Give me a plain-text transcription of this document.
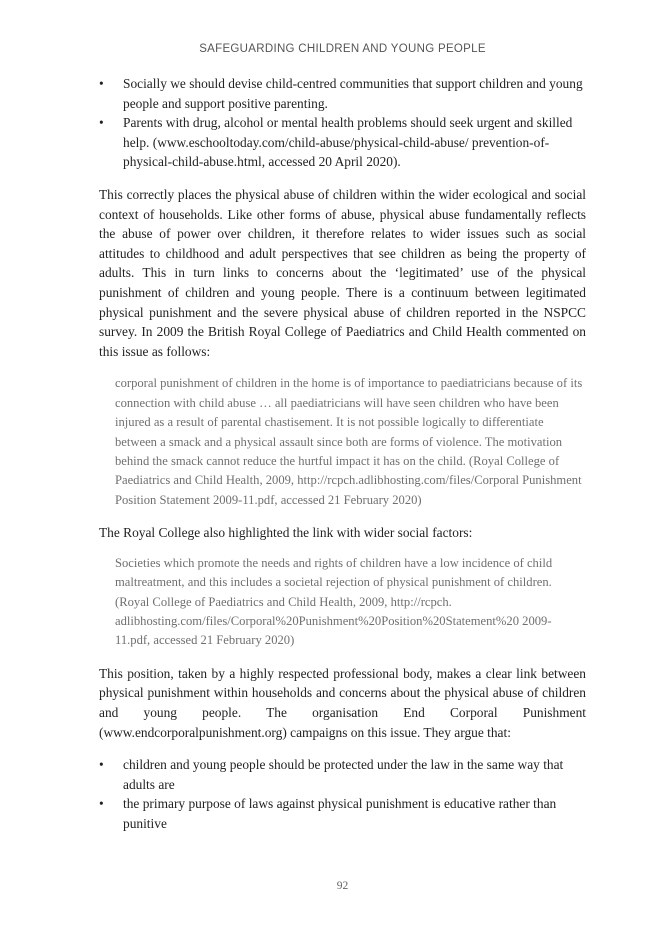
SAFEGUARDING CHILDREN AND YOUNG PEOPLE
•	Socially we should devise child-centred communities that support children and young people and support positive parenting.
•	Parents with drug, alcohol or mental health problems should seek urgent and skilled help. (www.eschooltoday.com/child-abuse/physical-child-abuse/ prevention-of-physical-child-abuse.html, accessed 20 April 2020).

This correctly places the physical abuse of children within the wider ecological and social context of households. Like other forms of abuse, physical abuse fundamentally reflects the abuse of power over children, it therefore relates to wider issues such as social attitudes to childhood and adult perspectives that see children as being the property of adults. This in turn links to concerns about the ‘legitimated’ use of the physical punishment of children and young people. There is a continuum between legitimated physical punishment and the severe physical abuse of children reported in the NSPCC survey. In 2009 the British Royal College of Paediatrics and Child Health commented on this issue as follows:

corporal punishment of children in the home is of importance to paediatricians because of its connection with child abuse … all paediatricians will have seen children who have been injured as a result of parental chastisement. It is not possible logically to differentiate between a smack and a physical assault since both are forms of violence. The motivation behind the smack cannot reduce the hurtful impact it has on the child. (Royal College of Paediatrics and Child Health, 2009, http://rcpch.adlibhosting.com/files/Corporal Punishment Position Statement 2009-11.pdf, accessed 21 February 2020)

The Royal College also highlighted the link with wider social factors:

Societies which promote the needs and rights of children have a low incidence of child maltreatment, and this includes a societal rejection of physical punishment of children. (Royal College of Paediatrics and Child Health, 2009, http://rcpch. adlibhosting.com/files/Corporal%20Punishment%20Position%20Statement%20 2009-11.pdf, accessed 21 February 2020)

This position, taken by a highly respected professional body, makes a clear link between physical punishment within households and concerns about the physical abuse of children and young people. The organisation End Corporal Punishment (www.endcorporalpunishment.org) campaigns on this issue. They argue that:

•	children and young people should be protected under the law in the same way that adults are
•	the primary purpose of laws against physical punishment is educative rather than punitive
92
